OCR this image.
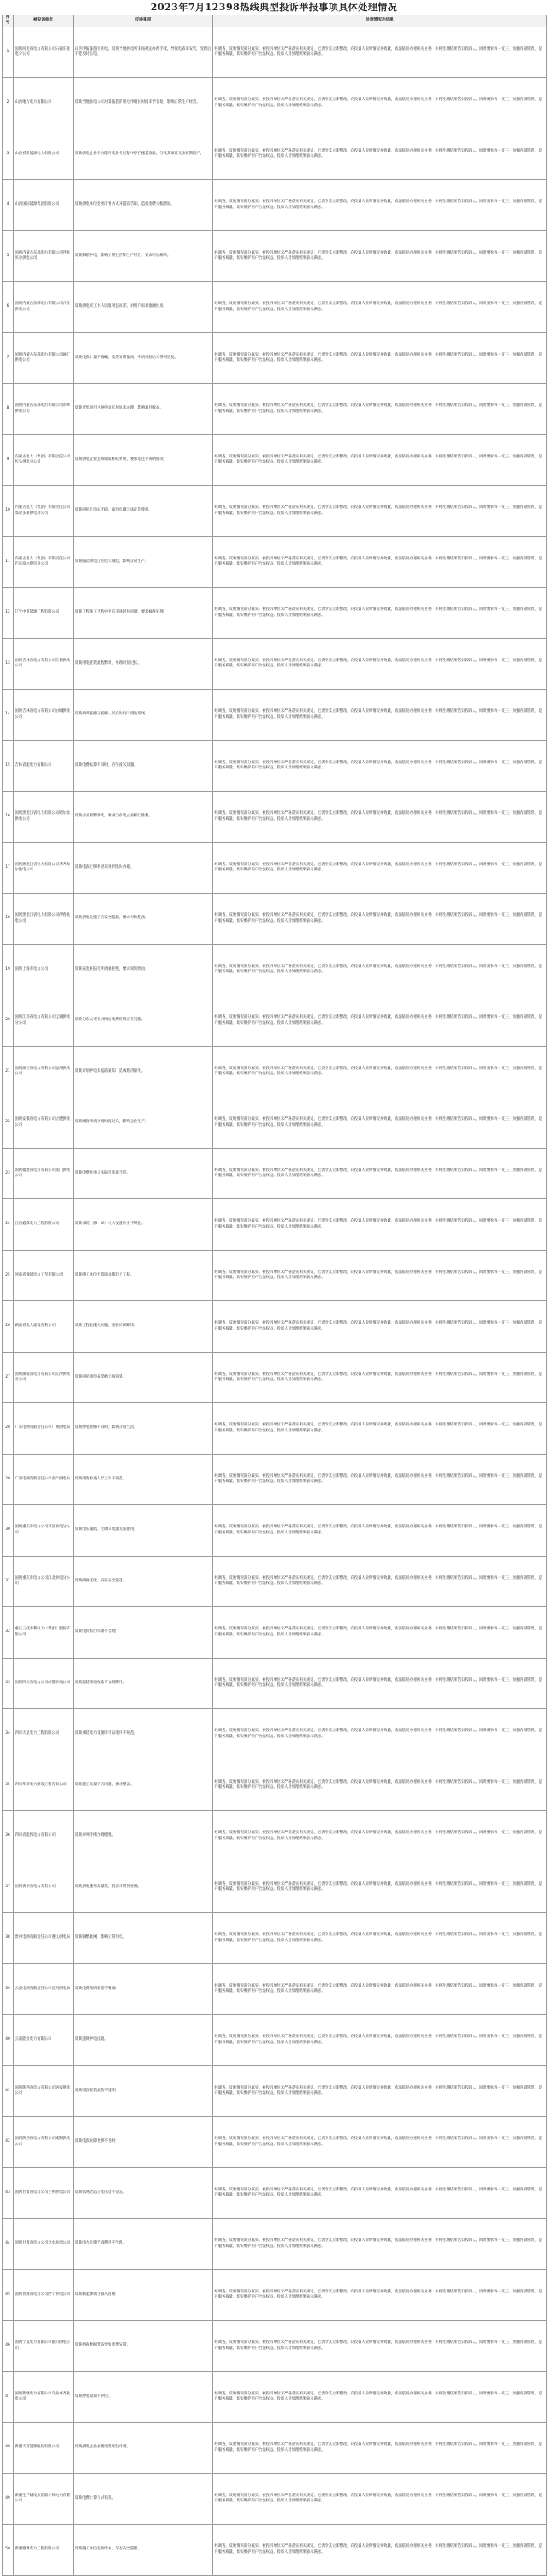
2023年7月12398热线典型投诉举报事项具体处理情况
序号	被投诉单位	反映事项	处理情况及结果
1	国网河北省电力有限公司石家庄供电分公司	日常申报旅游业用电，反映当地供电所未按规定办理手续，导致电表未安装，受理后不能及时送电。	经调查，反映情况部分属实。被投诉单位未严格落实相关规定，已责令其立即整改，向投诉人说明情况并致歉，依法依规办理相关业务，并将处理结果告知投诉人。同时要求举一反三，加强内部管理，提升服务质量，切实维护用户合法权益。投诉人对处理结果表示满意。
2	山西地方电力有限公司	反映当地供电公司对其报装的用电申请长时间未予答复，影响正常生产经营。	经调查，反映情况部分属实。被投诉单位未严格落实相关规定，已责令其立即整改，向投诉人说明情况并致歉，依法依规办理相关业务，并将处理结果告知投诉人。同时要求举一反三，加强内部管理，提升服务质量，切实维护用户合法权益。投诉人对处理结果表示满意。
3	山西省新能源电力有限公司	反映供电企业在办理用电业务过程中存在拖延现象，导致其项目无法按期投产。	经调查，反映情况部分属实。被投诉单位未严格落实相关规定，已责令其立即整改，向投诉人说明情况并致歉，依法依规办理相关业务，并将处理结果告知投诉人。同时要求举一反三，加强内部管理，提升服务质量，切实维护用户合法权益。投诉人对处理结果表示满意。
4	山西国际能源集团有限公司	反映供电单位变更计费方式未提前告知，造成电费大幅增加。	经调查，反映情况部分属实。被投诉单位未严格落实相关规定，已责令其立即整改，向投诉人说明情况并致歉，依法依规办理相关业务，并将处理结果告知投诉人。同时要求举一反三，加强内部管理，提升服务质量，切实维护用户合法权益。投诉人对处理结果表示满意。
5	国网内蒙古东部电力有限公司呼伦贝尔供电公司	反映频繁停电，影响正常生活和生产经营，要求尽快解决。	经调查，反映情况部分属实。被投诉单位未严格落实相关规定，已责令其立即整改，向投诉人说明情况并致歉，依法依规办理相关业务，并将处理结果告知投诉人。同时要求举一反三，加强内部管理，提升服务质量，切实维护用户合法权益。投诉人对处理结果表示满意。
6	国网内蒙古东部电力有限公司兴安供电公司	反映供电所工作人员服务态度差，对用户诉求推诿扯皮。	经调查，反映情况部分属实。被投诉单位未严格落实相关规定，已责令其立即整改，向投诉人说明情况并致歉，依法依规办理相关业务，并将处理结果告知投诉人。同时要求举一反三，加强内部管理，提升服务质量，切实维护用户合法权益。投诉人对处理结果表示满意。
7	国网内蒙古东部电力有限公司通辽供电公司	反映电表计量不准确，电费异常偏高，申请校验后未得到答复。	经调查，反映情况部分属实。被投诉单位未严格落实相关规定，已责令其立即整改，向投诉人说明情况并致歉，依法依规办理相关业务，并将处理结果告知投诉人。同时要求举一反三，加强内部管理，提升服务质量，切实维护用户合法权益。投诉人对处理结果表示满意。
8	国网内蒙古东部电力有限公司赤峰供电公司	反映光伏项目并网申请长时间未办理，影响项目收益。	经调查，反映情况部分属实。被投诉单位未严格落实相关规定，已责令其立即整改，向投诉人说明情况并致歉，依法依规办理相关业务，并将处理结果告知投诉人。同时要求举一反三，加强内部管理，提升服务质量，切实维护用户合法权益。投诉人对处理结果表示满意。
9	内蒙古电力（集团）有限责任公司包头供电分公司	反映供电企业违规收取相关费用，要求退还并说明情况。	经调查，反映情况部分属实。被投诉单位未严格落实相关规定，已责令其立即整改，向投诉人说明情况并致歉，依法依规办理相关业务，并将处理结果告知投诉人。同时要求举一反三，加强内部管理，提升服务质量，切实维护用户合法权益。投诉人对处理结果表示满意。
10	内蒙古电力（集团）有限责任公司鄂尔多斯供电分公司	反映居民区电压不稳，家用电器无法正常使用。	经调查，反映情况部分属实。被投诉单位未严格落实相关规定，已责令其立即整改，向投诉人说明情况并致歉，依法依规办理相关业务，并将处理结果告知投诉人。同时要求举一反三，加强内部管理，提升服务质量，切实维护用户合法权益。投诉人对处理结果表示满意。
11	内蒙古电力（集团）有限责任公司巴彦淖尔供电分公司	反映报装用电后迟迟未通电，影响正常生产。	经调查，反映情况部分属实。被投诉单位未严格落实相关规定，已责令其立即整改，向投诉人说明情况并致歉，依法依规办理相关业务，并将处理结果告知投诉人。同时要求举一反三，加强内部管理，提升服务质量，切实维护用户合法权益。投诉人对处理结果表示满意。
12	辽宁中電能源工程有限公司	反映工程施工过程中存在违规转包问题，要求核查处理。	经调查，反映情况部分属实。被投诉单位未严格落实相关规定，已责令其立即整改，向投诉人说明情况并致歉，依法依规办理相关业务，并将处理结果告知投诉人。同时要求举一反三，加强内部管理，提升服务质量，切实维护用户合法权益。投诉人对处理结果表示满意。
13	国网吉林省电力有限公司长春供电公司	反映用电报装流程繁琐，办理时间过长。	经调查，反映情况部分属实。被投诉单位未严格落实相关规定，已责令其立即整改，向投诉人说明情况并致歉，依法依规办理相关业务，并将处理结果告知投诉人。同时要求举一反三，加强内部管理，提升服务质量，切实维护用户合法权益。投诉人对处理结果表示满意。
14	国网吉林省电力有限公司白城供电公司	反映故障报修后抢修人员长时间未到达现场。	经调查，反映情况部分属实。被投诉单位未严格落实相关规定，已责令其立即整改，向投诉人说明情况并致歉，依法依规办理相关业务，并将处理结果告知投诉人。同时要求举一反三，加强内部管理，提升服务质量，切实维护用户合法权益。投诉人对处理结果表示满意。
15	吉林省能电力有限公司	反映电费结算不及时，存在拖欠问题。	经调查，反映情况部分属实。被投诉单位未严格落实相关规定，已责令其立即整改，向投诉人说明情况并致歉，依法依规办理相关业务，并将处理结果告知投诉人。同时要求举一反三，加强内部管理，提升服务质量，切实维护用户合法权益。投诉人对处理结果表示满意。
16	国网黑龙江省电力有限公司哈尔滨供电公司	反映小区频繁停电，物业与供电企业相互推诿。	经调查，反映情况部分属实。被投诉单位未严格落实相关规定，已责令其立即整改，向投诉人说明情况并致歉，依法依规办理相关业务，并将处理结果告知投诉人。同时要求举一反三，加强内部管理，提升服务质量，切实维护用户合法权益。投诉人对处理结果表示满意。
17	国网黑龙江省电力有限公司齐齐哈尔供电公司	反映电表迁移申请未得到及时办理。	经调查，反映情况部分属实。被投诉单位未严格落实相关规定，已责令其立即整改，向投诉人说明情况并致歉，依法依规办理相关业务，并将处理结果告知投诉人。同时要求举一反三，加强内部管理，提升服务质量，切实维护用户合法权益。投诉人对处理结果表示满意。
18	国网黑龙江省电力有限公司伊春供电公司	反映供电设施存在安全隐患，要求尽快整改。	经调查，反映情况部分属实。被投诉单位未严格落实相关规定，已责令其立即整改，向投诉人说明情况并致歉，依法依规办理相关业务，并将处理结果告知投诉人。同时要求举一反三，加强内部管理，提升服务质量，切实维护用户合法权益。投诉人对处理结果表示满意。
19	国网上海市电力公司	反映充电桩报装申请被拒绝，要求说明理由。	经调查，反映情况部分属实。被投诉单位未严格落实相关规定，已责令其立即整改，向投诉人说明情况并致歉，依法依规办理相关业务，并将处理结果告知投诉人。同时要求举一反三，加强内部管理，提升服务质量，切实维护用户合法权益。投诉人对处理结果表示满意。
20	国网江苏省电力有限公司无锡供电分公司	反映分布式光伏并网后电费结算存在问题。	经调查，反映情况部分属实。被投诉单位未严格落实相关规定，已责令其立即整改，向投诉人说明情况并致歉，依法依规办理相关业务，并将处理结果告知投诉人。同时要求举一反三，加强内部管理，提升服务质量，切实维护用户合法权益。投诉人对处理结果表示满意。
21	国网浙江省电力有限公司温州供电公司	反映计划停电未提前通知，造成经济损失。	经调查，反映情况部分属实。被投诉单位未严格落实相关规定，已责令其立即整改，向投诉人说明情况并致歉，依法依规办理相关业务，并将处理结果告知投诉人。同时要求举一反三，加强内部管理，提升服务质量，切实维护用户合法权益。投诉人对处理结果表示满意。
22	国网安徽省电力有限公司合肥供电公司	反映增容申请办理时间过长，影响企业生产。	经调查，反映情况部分属实。被投诉单位未严格落实相关规定，已责令其立即整改，向投诉人说明情况并致歉，依法依规办理相关业务，并将处理结果告知投诉人。同时要求举一反三，加强内部管理，提升服务质量，切实维护用户合法权益。投诉人对处理结果表示满意。
23	国网福建省电力有限公司厦门供电公司	反映电费账单与实际用电量不符。	经调查，反映情况部分属实。被投诉单位未严格落实相关规定，已责令其立即整改，向投诉人说明情况并致歉，依法依规办理相关业务，并将处理结果告知投诉人。同时要求举一反三，加强内部管理，提升服务质量，切实维护用户合法权益。投诉人对处理结果表示满意。
24	江西鑫森电力工程有限公司	反映承装（修、试）电力设施作业不规范。	经调查，反映情况部分属实。被投诉单位未严格落实相关规定，已责令其立即整改，向投诉人说明情况并致歉，依法依规办理相关业务，并将处理结果告知投诉人。同时要求举一反三，加强内部管理，提升服务质量，切实维护用户合法权益。投诉人对处理结果表示满意。
25	河南省豫能电力工程有限公司	反映施工单位无资质承揽电力工程。	经调查，反映情况部分属实。被投诉单位未严格落实相关规定，已责令其立即整改，向投诉人说明情况并致歉，依法依规办理相关业务，并将处理结果告知投诉人。同时要求举一反三，加强内部管理，提升服务质量，切实维护用户合法权益。投诉人对处理结果表示满意。
26	湖南省电力建设有限公司	反映工程款拖欠问题，要求协调解决。	经调查，反映情况部分属实。被投诉单位未严格落实相关规定，已责令其立即整改，向投诉人说明情况并致歉，依法依规办理相关业务，并将处理结果告知投诉人。同时要求举一反三，加强内部管理，提升服务质量，切实维护用户合法权益。投诉人对处理结果表示满意。
27	国网湖南省电力有限公司长沙供电分公司	反映居民用电报装被无故拖延。	经调查，反映情况部分属实。被投诉单位未严格落实相关规定，已责令其立即整改，向投诉人说明情况并致歉，依法依规办理相关业务，并将处理结果告知投诉人。同时要求举一反三，加强内部管理，提升服务质量，切实维护用户合法权益。投诉人对处理结果表示满意。
28	广东电网有限责任公司广州供电局	反映停电抢修不及时，影响正常生活。	经调查，反映情况部分属实。被投诉单位未严格落实相关规定，已责令其立即整改，向投诉人说明情况并致歉，依法依规办理相关业务，并将处理结果告知投诉人。同时要求举一反三，加强内部管理，提升服务质量，切实维护用户合法权益。投诉人对处理结果表示满意。
29	广西电网有限责任公司南宁供电局	反映用电检查人员工作不规范。	经调查，反映情况部分属实。被投诉单位未严格落实相关规定，已责令其立即整改，向投诉人说明情况并致歉，依法依规办理相关业务，并将处理结果告知投诉人。同时要求举一反三，加强内部管理，提升服务质量，切实维护用户合法权益。投诉人对处理结果表示满意。
30	国网重庆市电力公司市区供电分公司	反映电压偏低，空调等电器无法使用。	经调查，反映情况部分属实。被投诉单位未严格落实相关规定，已责令其立即整改，向投诉人说明情况并致歉，依法依规办理相关业务，并将处理结果告知投诉人。同时要求举一反三，加强内部管理，提升服务质量，切实维护用户合法权益。投诉人对处理结果表示满意。
31	国网重庆市电力公司江北供电分公司	反映线路老化，存在安全隐患。	经调查，反映情况部分属实。被投诉单位未严格落实相关规定，已责令其立即整改，向投诉人说明情况并致歉，依法依规办理相关业务，并将处理结果告知投诉人。同时要求举一反三，加强内部管理，提升服务质量，切实维护用户合法权益。投诉人对处理结果表示满意。
32	重庆三峡水利电力（集团）股份有限公司	反映电价执行标准不合理。	经调查，反映情况部分属实。被投诉单位未严格落实相关规定，已责令其立即整改，向投诉人说明情况并致歉，依法依规办理相关业务，并将处理结果告知投诉人。同时要求举一反三，加强内部管理，提升服务质量，切实维护用户合法权益。投诉人对处理结果表示满意。
33	国网四川省电力公司成都供电公司	反映报装用电收取不合理费用。	经调查，反映情况部分属实。被投诉单位未严格落实相关规定，已责令其立即整改，向投诉人说明情况并致歉，依法依规办理相关业务，并将处理结果告知投诉人。同时要求举一反三，加强内部管理，提升服务质量，切实维护用户合法权益。投诉人对处理结果表示满意。
34	四川天星电力工程有限公司	反映承装电力设施许可证使用不规范。	经调查，反映情况部分属实。被投诉单位未严格落实相关规定，已责令其立即整改，向投诉人说明情况并致歉，依法依规办理相关业务，并将处理结果告知投诉人。同时要求举一反三，加强内部管理，提升服务质量，切实维护用户合法权益。投诉人对处理结果表示满意。
35	四川华济电力建设工程有限公司	反映施工质量存在问题，要求整改。	经调查，反映情况部分属实。被投诉单位未严格落实相关规定，已责令其立即整改，向投诉人说明情况并致歉，依法依规办理相关业务，并将处理结果告知投诉人。同时要求举一反三，加强内部管理，提升服务质量，切实维护用户合法权益。投诉人对处理结果表示满意。
36	四川省能投电力有限公司	反映并网手续办理缓慢。	经调查，反映情况部分属实。被投诉单位未严格落实相关规定，已责令其立即整改，向投诉人说明情况并致歉，依法依规办理相关业务，并将处理结果告知投诉人。同时要求举一反三，加强内部管理，提升服务质量，切实维护用户合法权益。投诉人对处理结果表示满意。
37	国网贵州省电力有限公司	反映供电服务质量差，投诉未得到处理。	经调查，反映情况部分属实。被投诉单位未严格落实相关规定，已责令其立即整改，向投诉人说明情况并致歉，依法依规办理相关业务，并将处理结果告知投诉人。同时要求举一反三，加强内部管理，提升服务质量，切实维护用户合法权益。投诉人对处理结果表示满意。
38	贵州电网有限责任公司遵义供电局	反映频繁跳闸，影响正常用电。	经调查，反映情况部分属实。被投诉单位未严格落实相关规定，已责令其立即整改，向投诉人说明情况并致歉，依法依规办理相关业务，并将处理结果告知投诉人。同时要求举一反三，加强内部管理，提升服务质量，切实维护用户合法权益。投诉人对处理结果表示满意。
39	云南电网有限责任公司昆明供电局	反映电费缴纳渠道不畅通。	经调查，反映情况部分属实。被投诉单位未严格落实相关规定，已责令其立即整改，向投诉人说明情况并致歉，依法依规办理相关业务，并将处理结果告知投诉人。同时要求举一反三，加强内部管理，提升服务质量，切实维护用户合法权益。投诉人对处理结果表示满意。
40	云南能投电力有限公司	反映违规停电问题。	经调查，反映情况部分属实。被投诉单位未严格落实相关规定，已责令其立即整改，向投诉人说明情况并致歉，依法依规办理相关业务，并将处理结果告知投诉人。同时要求举一反三，加强内部管理，提升服务质量，切实维护用户合法权益。投诉人对处理结果表示满意。
41	国网陕西省电力有限公司西安供电公司	反映增容报装流程不透明。	经调查，反映情况部分属实。被投诉单位未严格落实相关规定，已责令其立即整改，向投诉人说明情况并致歉，依法依规办理相关业务，并将处理结果告知投诉人。同时要求举一反三，加强内部管理，提升服务质量，切实维护用户合法权益。投诉人对处理结果表示满意。
42	国网陕西省电力有限公司咸阳供电公司	反映电表故障更换不及时。	经调查，反映情况部分属实。被投诉单位未严格落实相关规定，已责令其立即整改，向投诉人说明情况并致歉，依法依规办理相关业务，并将处理结果告知投诉人。同时要求举一反三，加强内部管理，提升服务质量，切实维护用户合法权益。投诉人对处理结果表示满意。
43	国网甘肃省电力公司兰州供电公司	反映农网改造后电压仍不稳定。	经调查，反映情况部分属实。被投诉单位未严格落实相关规定，已责令其立即整改，向投诉人说明情况并致歉，依法依规办理相关业务，并将处理结果告知投诉人。同时要求举一反三，加强内部管理，提升服务质量，切实维护用户合法权益。投诉人对处理结果表示满意。
44	国网甘肃省电力公司天水供电公司	反映电力设施迁改费用不合理。	经调查，反映情况部分属实。被投诉单位未严格落实相关规定，已责令其立即整改，向投诉人说明情况并致歉，依法依规办理相关业务，并将处理结果告知投诉人。同时要求举一反三，加强内部管理，提升服务质量，切实维护用户合法权益。投诉人对处理结果表示满意。
45	国网青海省电力公司西宁供电公司	反映新能源项目接入困难。	经调查，反映情况部分属实。被投诉单位未严格落实相关规定，已责令其立即整改，向投诉人说明情况并致歉，依法依规办理相关业务，并将处理结果告知投诉人。同时要求举一反三，加强内部管理，提升服务质量，切实维护用户合法权益。投诉人对处理结果表示满意。
46	国网宁夏电力有限公司银川供电公司	反映抄表数据错误导致电费异常。	经调查，反映情况部分属实。被投诉单位未严格落实相关规定，已责令其立即整改，向投诉人说明情况并致歉，依法依规办理相关业务，并将处理结果告知投诉人。同时要求举一反三，加强内部管理，提升服务质量，切实维护用户合法权益。投诉人对处理结果表示满意。
47	国网新疆电力有限公司乌鲁木齐供电公司	反映停电通知不到位。	经调查，反映情况部分属实。被投诉单位未严格落实相关规定，已责令其立即整改，向投诉人说明情况并致歉，依法依规办理相关业务，并将处理结果告知投诉人。同时要求举一反三，加强内部管理，提升服务质量，切实维护用户合法权益。投诉人对处理结果表示满意。
48	新疆天富能源股份有限公司	反映供电企业拒绝受理用电申请。	经调查，反映情况部分属实。被投诉单位未严格落实相关规定，已责令其立即整改，向投诉人说明情况并致歉，依法依规办理相关业务，并将处理结果告知投诉人。同时要求举一反三，加强内部管理，提升服务质量，切实维护用户合法权益。投诉人对处理结果表示满意。
49	新疆生产建设兵团第八师电力有限公司	反映电费计算方式有误。	经调查，反映情况部分属实。被投诉单位未严格落实相关规定，已责令其立即整改，向投诉人说明情况并致歉，依法依规办理相关业务，并将处理结果告知投诉人。同时要求举一反三，加强内部管理，提升服务质量，切实维护用户合法权益。投诉人对处理结果表示满意。
50	新疆德翼电力工程有限公司	反映施工单位违规作业，存在安全隐患。	经调查，反映情况部分属实。被投诉单位未严格落实相关规定，已责令其立即整改，向投诉人说明情况并致歉，依法依规办理相关业务，并将处理结果告知投诉人。同时要求举一反三，加强内部管理，提升服务质量，切实维护用户合法权益。投诉人对处理结果表示满意。
